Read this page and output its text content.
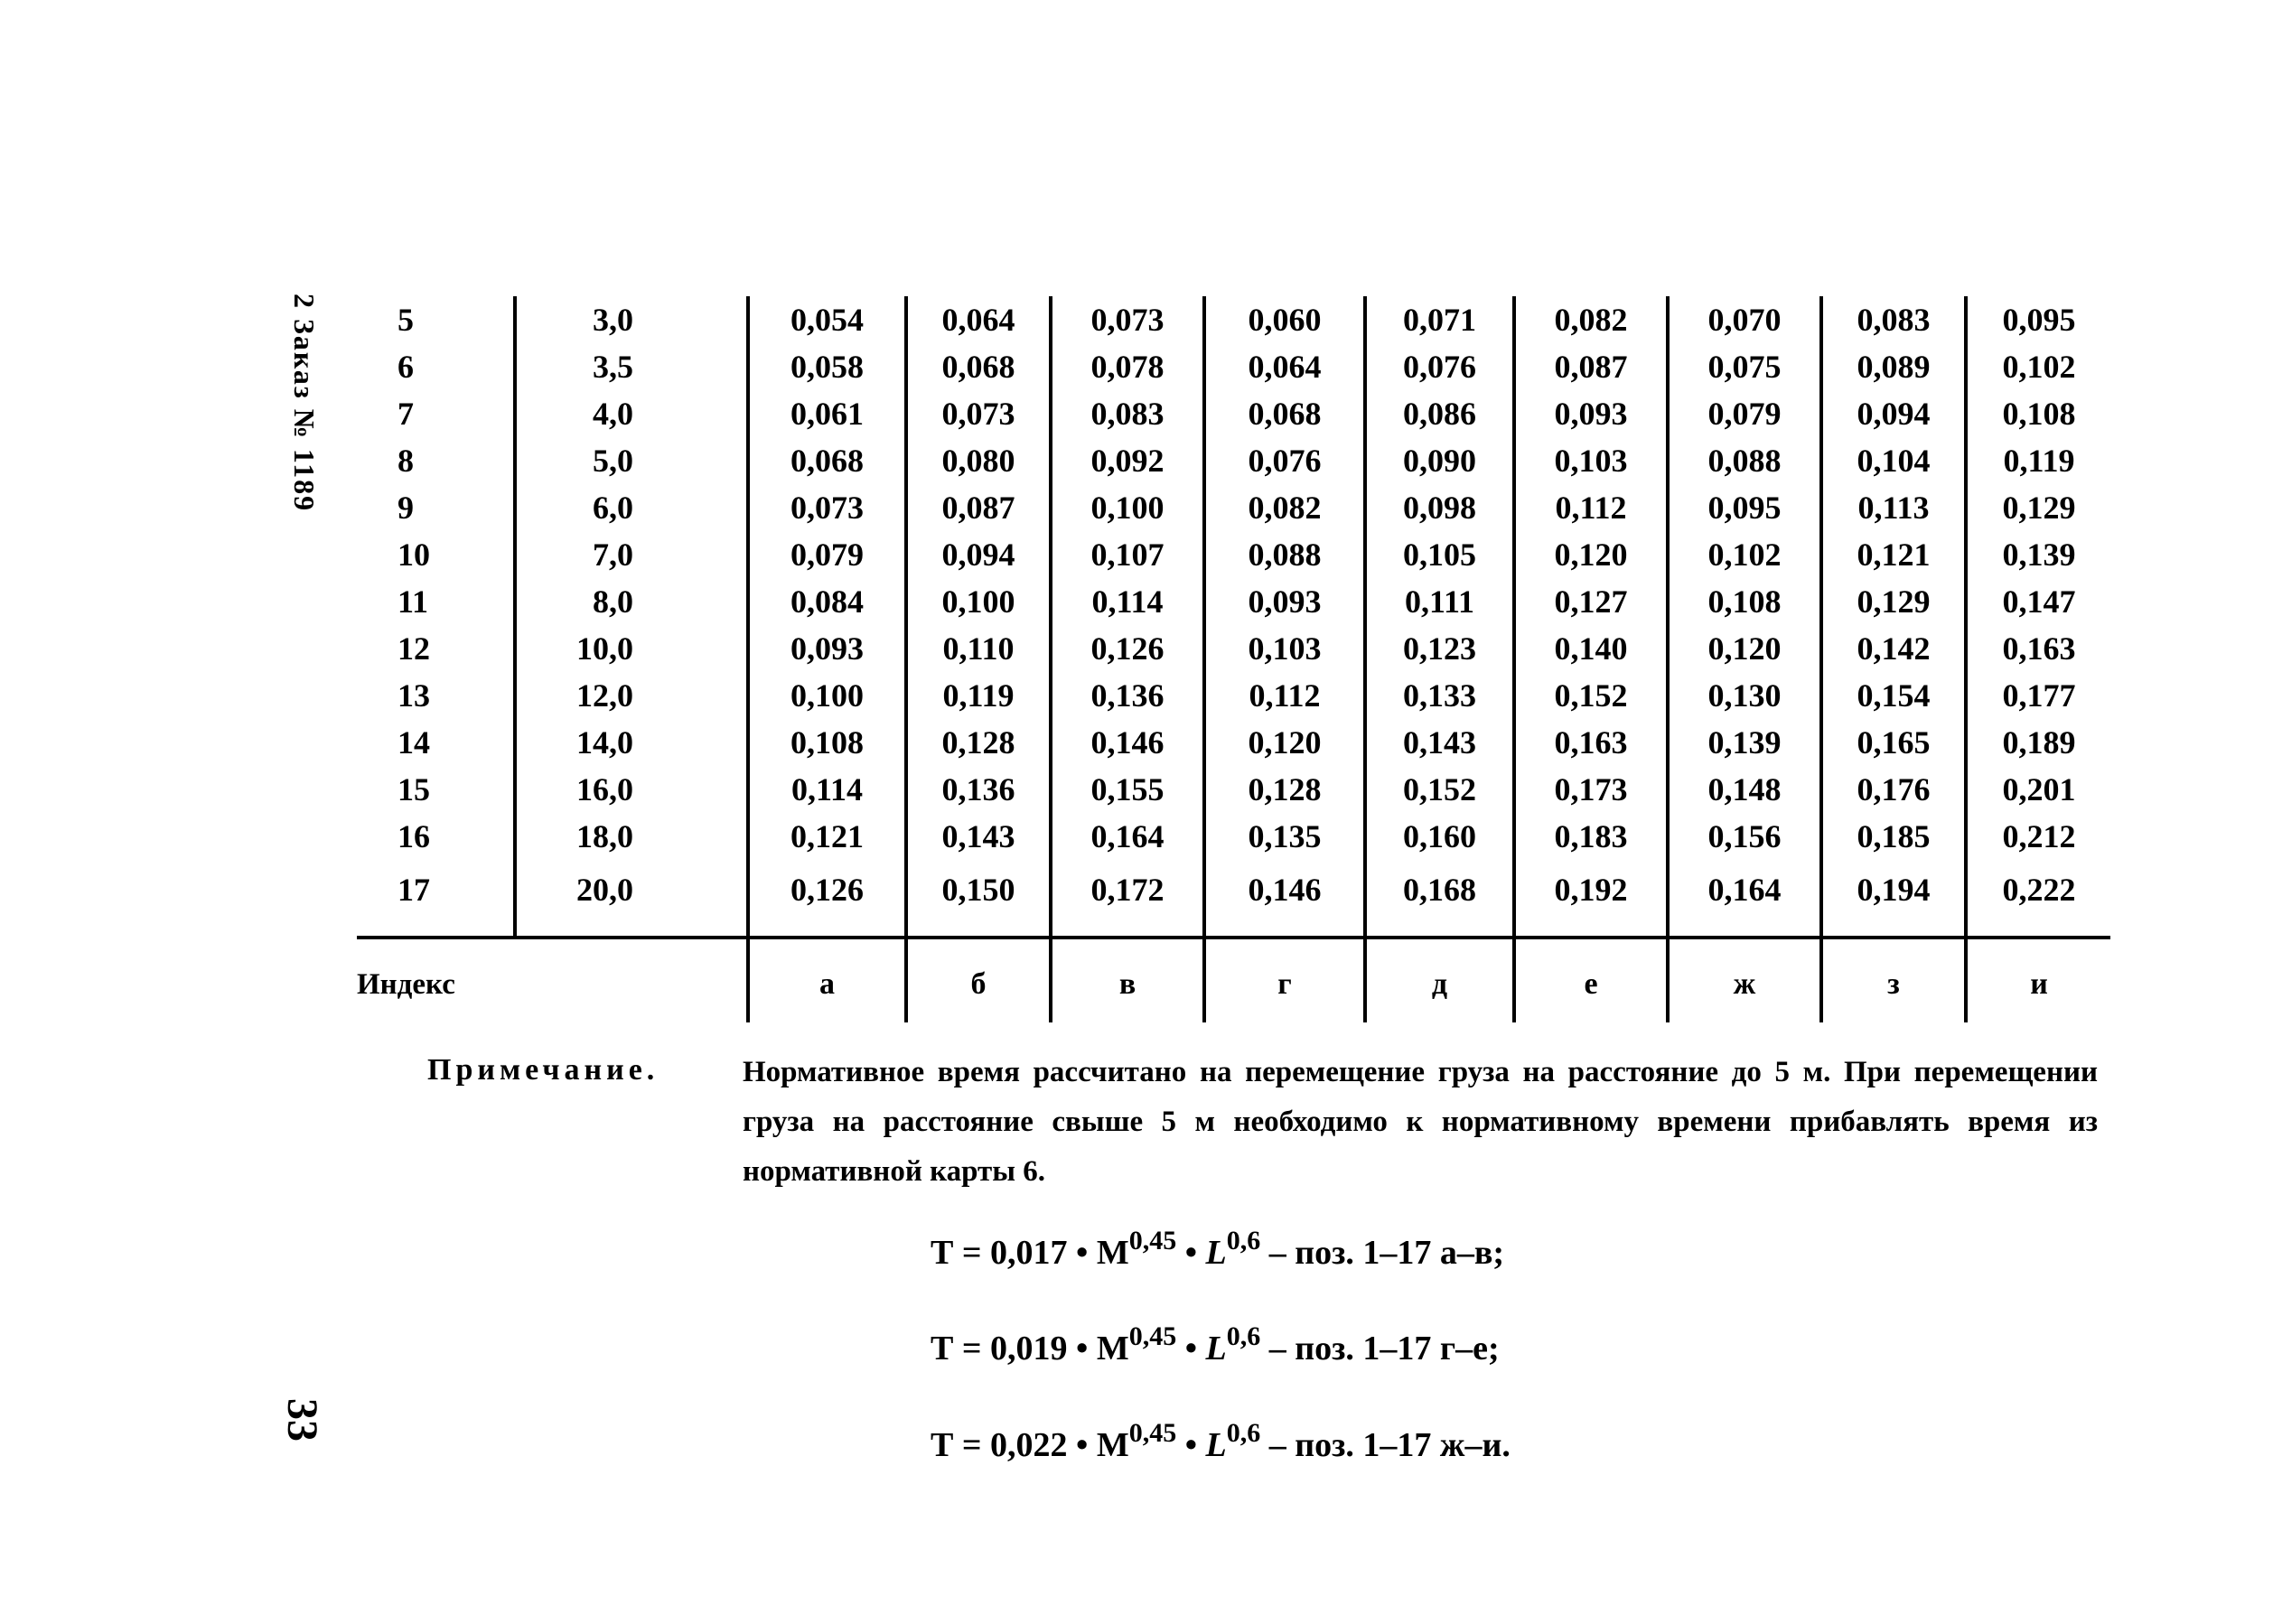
2 Заказ № 1189
33
5	3,0	0,054	0,064	0,073	0,060	0,071	0,082	0,070	0,083	0,095
6	3,5	0,058	0,068	0,078	0,064	0,076	0,087	0,075	0,089	0,102
7	4,0	0,061	0,073	0,083	0,068	0,086	0,093	0,079	0,094	0,108
8	5,0	0,068	0,080	0,092	0,076	0,090	0,103	0,088	0,104	0,119
9	6,0	0,073	0,087	0,100	0,082	0,098	0,112	0,095	0,113	0,129
10	7,0	0,079	0,094	0,107	0,088	0,105	0,120	0,102	0,121	0,139
11	8,0	0,084	0,100	0,114	0,093	0,111	0,127	0,108	0,129	0,147
12	10,0	0,093	0,110	0,126	0,103	0,123	0,140	0,120	0,142	0,163
13	12,0	0,100	0,119	0,136	0,112	0,133	0,152	0,130	0,154	0,177
14	14,0	0,108	0,128	0,146	0,120	0,143	0,163	0,139	0,165	0,189
15	16,0	0,114	0,136	0,155	0,128	0,152	0,173	0,148	0,176	0,201
16	18,0	0,121	0,143	0,164	0,135	0,160	0,183	0,156	0,185	0,212
17	20,0	0,126	0,150	0,172	0,146	0,168	0,192	0,164	0,194	0,222
Индекс		а	б	в	г	д	е	ж	з	и
Примечание.	Нормативное время рассчитано на перемещение груза на расстояние до 5 м. При перемещении груза на расстояние свыше 5 м необходимо к нормативному времени прибавлять время из нормативной карты 6.
Т = 0,017 • М$^{0,45}$ • L$^{0,6}$ – поз. 1–17 а–в;
Т = 0,019 • М$^{0,45}$ • L$^{0,6}$ – поз. 1–17 г–е;
Т = 0,022 • М$^{0,45}$ • L$^{0,6}$ – поз. 1–17 ж–и.
